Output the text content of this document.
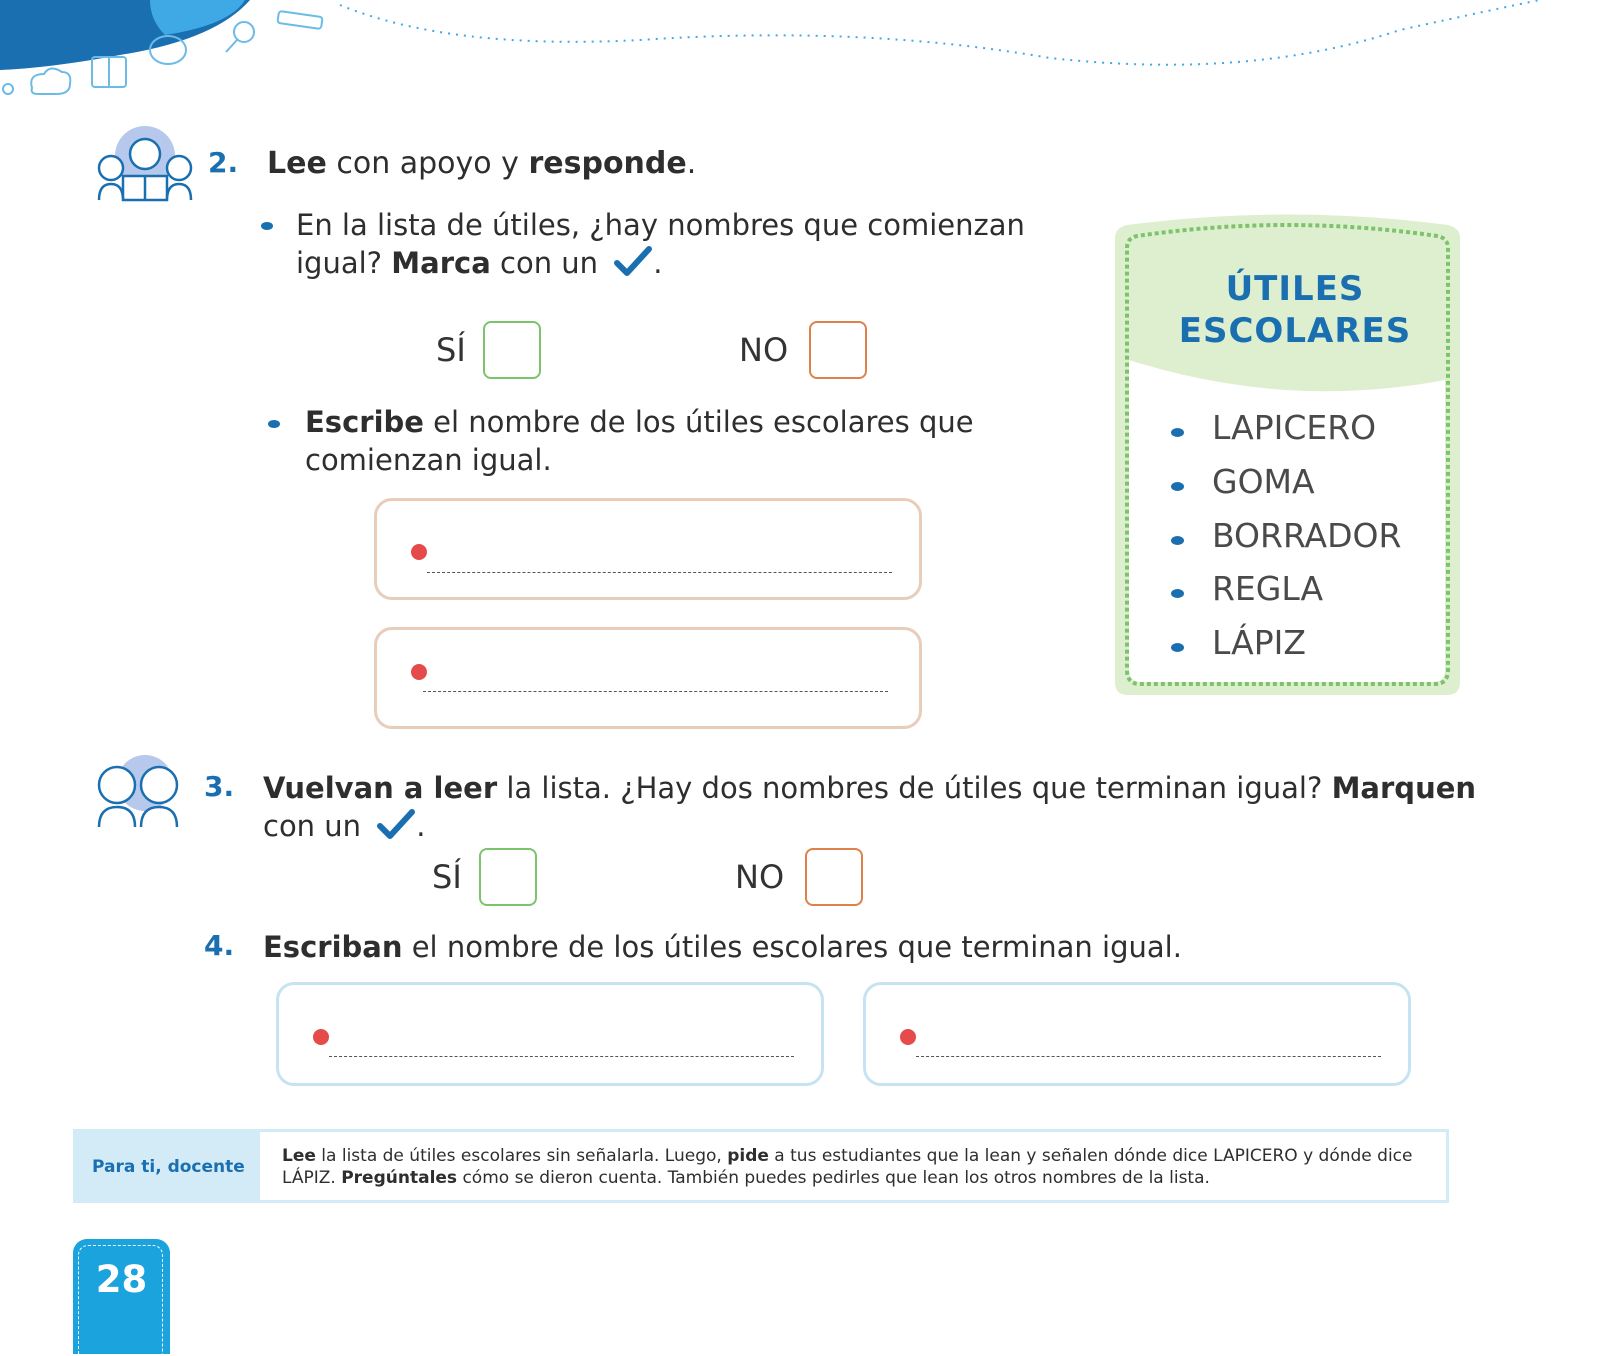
2. Lee con apoyo y responde.
En la lista de útiles, ¿hay nombres que comienzan
igual? Marca con un .
SÍ	NO
Escribe el nombre de los útiles escolares que
comienzan igual.
ÚTILES
ESCOLARES
LAPICERO
GOMA
BORRADOR
REGLA
LÁPIZ
3. Vuelvan a leer la lista. ¿Hay dos nombres de útiles que terminan igual? Marquen
con un .
SÍ	NO
4. Escriban el nombre de los útiles escolares que terminan igual.
Para ti, docente
Lee la lista de útiles escolares sin señalarla. Luego, pide a tus estudiantes que la lean y señalen dónde dice LAPICERO y dónde dice
LÁPIZ. Pregúntales cómo se dieron cuenta. También puedes pedirles que lean los otros nombres de la lista.
28
